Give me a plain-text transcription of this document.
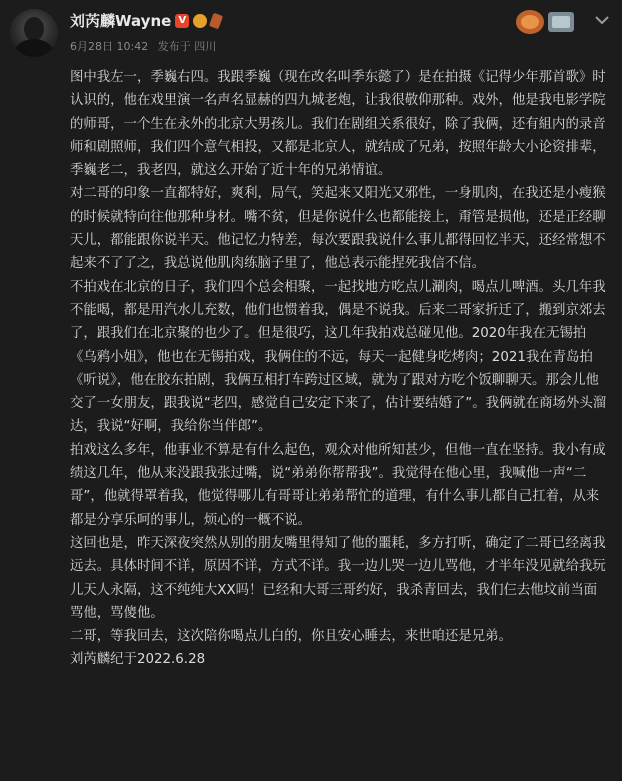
刘芮麟Wayne V
6月28日 10:42 发布于 四川

图中我左一，季巍右四。我跟季巍（现在改名叫季东懿了）是在拍摄《记得少年那首歌》时认识的，他在戏里演一名声名显赫的四九城老炮，让我很敬仰那种。戏外，他是我电影学院的师哥，一个生在永外的北京大男孩儿。我们在剧组关系很好，除了我俩，还有組内的录音师和剧照师，我们四个意气相投，又都是北京人，就结成了兄弟，按照年龄大小论资排辈，季巍老二，我老四，就这么开始了近十年的兄弟情谊。

对二哥的印象一直都特好，爽利，局气，笑起来又阳光又邪性，一身肌肉，在我还是小瘦猴的时候就特向往他那种身材。嘴不贫，但是你说什么也都能接上，甭管是损他，还是正经聊天儿，都能跟你说半天。他记忆力特差，每次要跟我说什么事儿都得回忆半天，还经常想不起来不了了之，我总说他肌肉练脑子里了，他总表示能捏死我信不信。

不拍戏在北京的日子，我们四个总会相聚，一起找地方吃点儿涮肉，喝点儿啤酒。头几年我不能喝，都是用汽水儿充数，他们也惯着我，偶是不说我。后来二哥家折迁了，搬到京郊去了，跟我们在北京聚的也少了。但是很巧，这几年我拍戏总碰见他。2020年我在无锡拍《乌鸦小姐》，他也在无锡拍戏，我俩住的不远，每天一起健身吃烤肉；2021我在青岛拍《听说》，他在胶东拍剧，我俩互相打车跨过区域，就为了跟对方吃个饭聊聊天。那会儿他交了一女朋友，跟我说“老四，感觉自己安定下来了，估计要结婚了”。我俩就在商场外头溜达，我说“好啊，我给你当伴郎”。

拍戏这么多年，他事业不算是有什么起色，观众对他所知甚少，但他一直在坚持。我小有成绩这几年，他从来没跟我张过嘴，说“弟弟你帮帮我”。我觉得在他心里，我喊他一声“二哥”，他就得罩着我，他觉得哪儿有哥哥让弟弟帮忙的道理，有什么事儿都自己扛着，从来都是分享乐呵的事儿，烦心的一概不说。

这回也是，昨天深夜突然从别的朋友嘴里得知了他的噩耗，多方打听，确定了二哥已经离我远去。具体时间不详，原因不详，方式不详。我一边儿哭一边儿骂他，才半年没见就给我玩儿天人永隔，这不纯纯大XX吗！已经和大哥三哥约好，我杀青回去，我们仨去他坟前当面骂他，骂傻他。

二哥，等我回去，这次陪你喝点儿白的，你且安心睡去，来世咱还是兄弟。

刘芮麟纪于2022.6.28
